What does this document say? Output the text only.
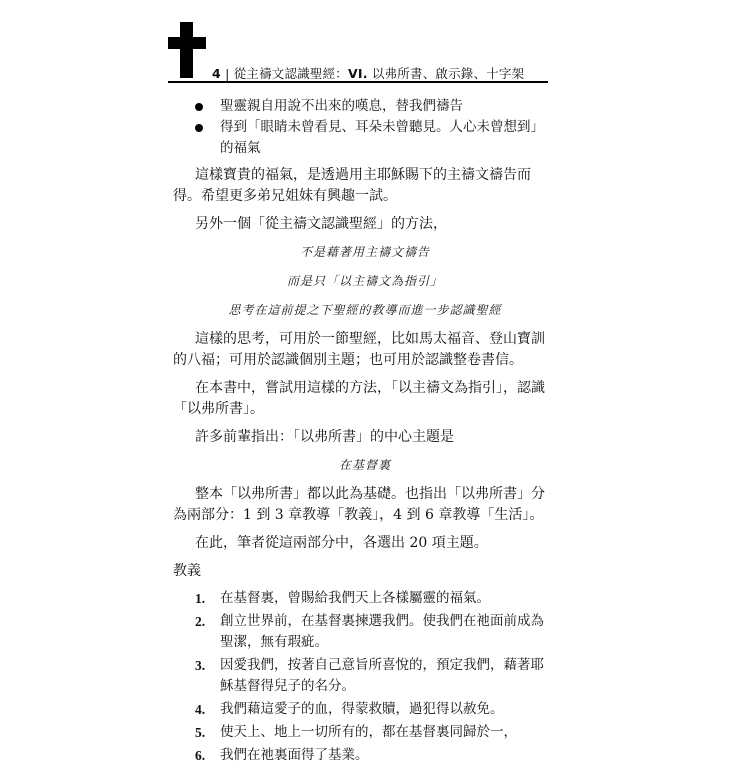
4 | 從主禱文認識聖經：VI. 以弗所書、啟示錄、十字架
聖靈親自用說不出來的嘆息，替我們禱告
得到「眼睛未曾看見、耳朵未曾聽見。人心未曾想到」的福氣

這樣寶貴的福氣，是透過用主耶穌賜下的主禱文禱告而得。希望更多弟兄姐妹有興趣一試。

另外一個「從主禱文認識聖經」的方法，

不是藉著用主禱文禱告

而是只「以主禱文為指引」

思考在這前提之下聖經的教導而進一步認識聖經

這樣的思考，可用於一節聖經，比如馬太福音、登山寶訓的八福；可用於認識個別主題；也可用於認識整卷書信。

在本書中，嘗試用這樣的方法，「以主禱文為指引」，認識「以弗所書」。

許多前輩指出：「以弗所書」的中心主題是

在基督裏

整本「以弗所書」都以此為基礎。也指出「以弗所書」分為兩部分：1 到 3 章教導「教義」，4 到 6 章教導「生活」。

在此，筆者從這兩部分中，各選出 20 項主題。

教義
1. 在基督裏，曾賜給我們天上各樣屬靈的福氣。
2. 創立世界前，在基督裏揀選我們。使我們在祂面前成為聖潔，無有瑕疵。
3. 因愛我們，按著自己意旨所喜悅的，預定我們，藉著耶穌基督得兒子的名分。
4. 我們藉這愛子的血，得蒙救贖，過犯得以赦免。
5. 使天上、地上一切所有的，都在基督裏同歸於一，
6. 我們在祂裏面得了基業。
